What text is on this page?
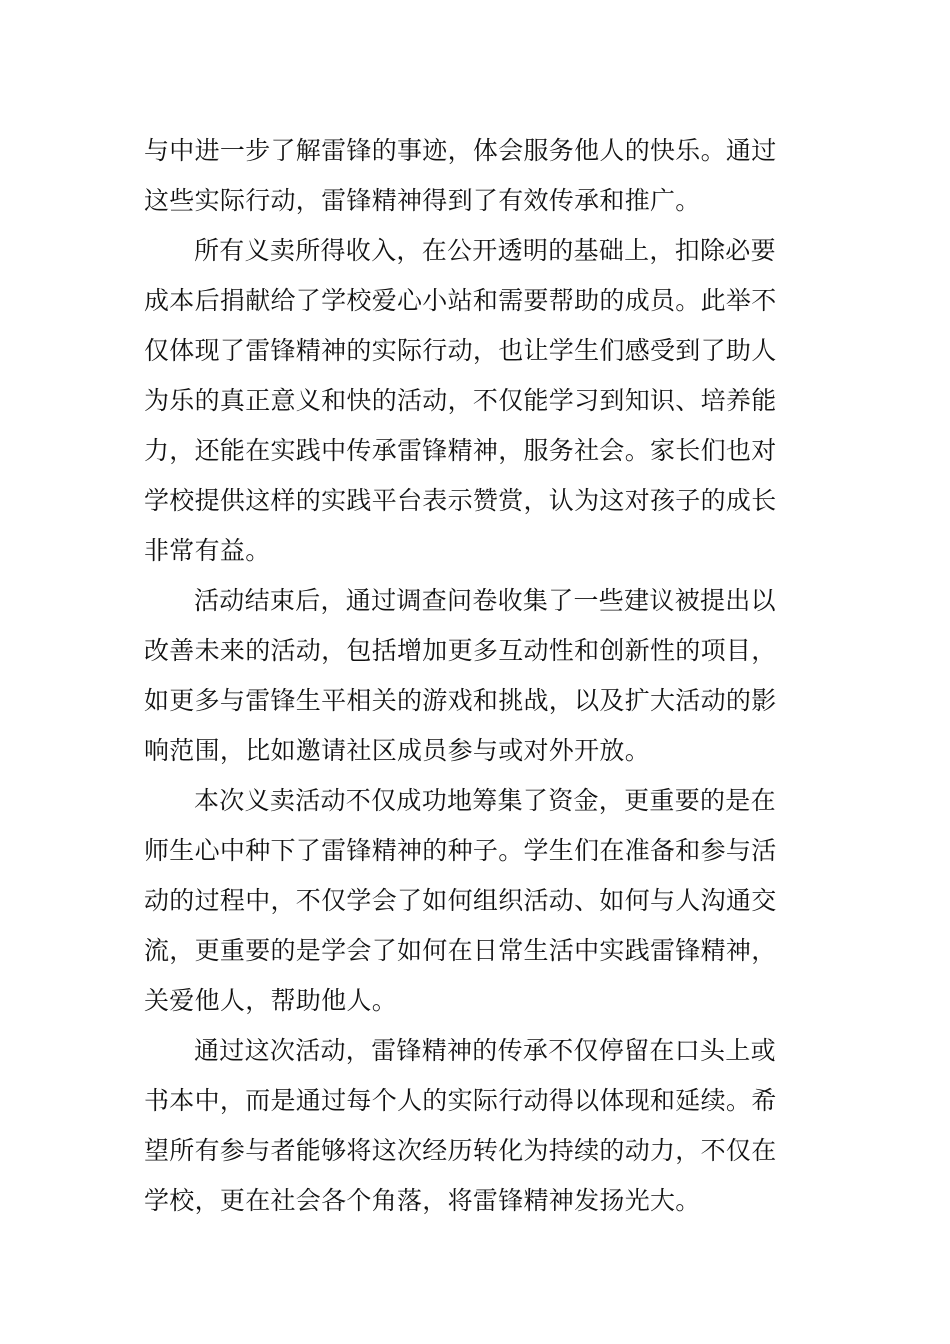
与中进一步了解雷锋的事迹，体会服务他人的快乐。通过
这些实际行动，雷锋精神得到了有效传承和推广。
所有义卖所得收入，在公开透明的基础上，扣除必要
成本后捐献给了学校爱心小站和需要帮助的成员。此举不
仅体现了雷锋精神的实际行动，也让学生们感受到了助人
为乐的真正意义和快的活动，不仅能学习到知识、培养能
力，还能在实践中传承雷锋精神，服务社会。家长们也对
学校提供这样的实践平台表示赞赏，认为这对孩子的成长
非常有益。
活动结束后，通过调查问卷收集了一些建议被提出以
改善未来的活动，包括增加更多互动性和创新性的项目，
如更多与雷锋生平相关的游戏和挑战，以及扩大活动的影
响范围，比如邀请社区成员参与或对外开放。
本次义卖活动不仅成功地筹集了资金，更重要的是在
师生心中种下了雷锋精神的种子。学生们在准备和参与活
动的过程中，不仅学会了如何组织活动、如何与人沟通交
流，更重要的是学会了如何在日常生活中实践雷锋精神，
关爱他人，帮助他人。
通过这次活动，雷锋精神的传承不仅停留在口头上或
书本中，而是通过每个人的实际行动得以体现和延续。希
望所有参与者能够将这次经历转化为持续的动力，不仅在
学校，更在社会各个角落，将雷锋精神发扬光大。
